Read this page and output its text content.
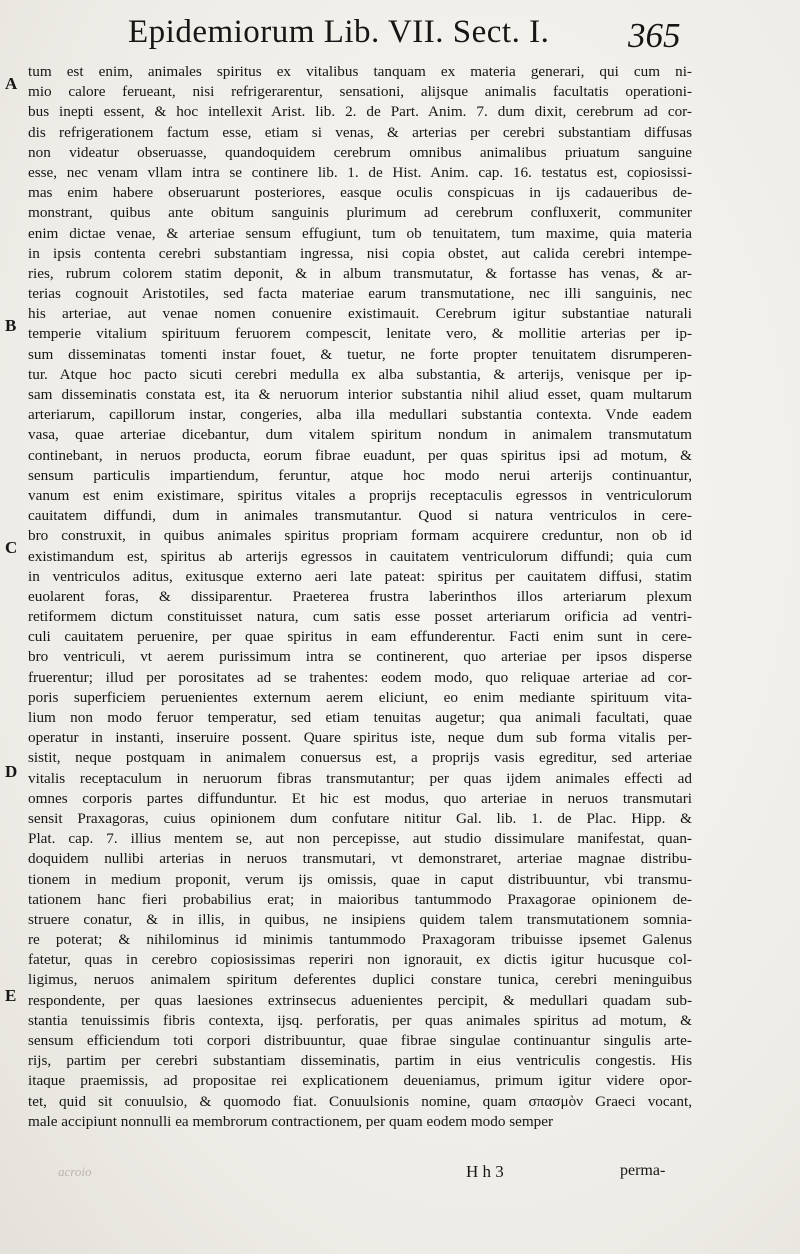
Epidemiorum Lib. VII. Sect. I. 365
A
B
C
D
E
tum est enim, animales spiritus ex vitalibus tanquam ex materia generari, qui cum ni-
mio calore ferueant, nisi refrigerarentur, sensationi, alijsque animalis facultatis operationi-
bus inepti essent, & hoc intellexit Arist. lib. 2. de Part. Anim. 7. dum dixit, cerebrum ad cor-
dis refrigerationem factum esse, etiam si venas, & arterias per cerebri substantiam diffusas
non videatur obseruasse, quandoquidem cerebrum omnibus animalibus priuatum sanguine
esse, nec venam vllam intra se continere lib. 1. de Hist. Anim. cap. 16. testatus est, copiosissi-
mas enim habere obseruarunt posteriores, easque oculis conspicuas in ijs cadaueribus de-
monstrant, quibus ante obitum sanguinis plurimum ad cerebrum confluxerit, communiter
enim dictae venae, & arteriae sensum effugiunt, tum ob tenuitatem, tum maxime, quia materia
in ipsis contenta cerebri substantiam ingressa, nisi copia obstet, aut calida cerebri intempe-
ries, rubrum colorem statim deponit, & in album transmutatur, & fortasse has venas, & ar-
terias cognouit Aristotiles, sed facta materiae earum transmutatione, nec illi sanguinis, nec
his arteriae, aut venae nomen conuenire existimauit. Cerebrum igitur substantiae naturali
temperie vitalium spirituum feruorem compescit, lenitate vero, & mollitie arterias per ip-
sum disseminatas tomenti instar fouet, & tuetur, ne forte propter tenuitatem disrumperen-
tur. Atque hoc pacto sicuti cerebri medulla ex alba substantia, & arterijs, venisque per ip-
sam disseminatis constata est, ita & neruorum interior substantia nihil aliud esset, quam multarum
arteriarum, capillorum instar, congeries, alba illa medullari substantia contexta. Vnde eadem
vasa, quae arteriae dicebantur, dum vitalem spiritum nondum in animalem transmutatum
continebant, in neruos producta, eorum fibrae euadunt, per quas spiritus ipsi ad motum, &
sensum particulis impartiendum, feruntur, atque hoc modo nerui arterijs continuantur,
vanum est enim existimare, spiritus vitales a proprijs receptaculis egressos in ventriculorum
cauitatem diffundi, dum in animales transmutantur. Quod si natura ventriculos in cere-
bro construxit, in quibus animales spiritus propriam formam acquirere creduntur, non ob id
existimandum est, spiritus ab arterijs egressos in cauitatem ventriculorum diffundi; quia cum
in ventriculos aditus, exitusque externo aeri late pateat: spiritus per cauitatem diffusi, statim
euolarent foras, & dissiparentur. Praeterea frustra laberinthos illos arteriarum plexum
retiformem dictum constituisset natura, cum satis esse posset arteriarum orificia ad ventri-
culi cauitatem peruenire, per quae spiritus in eam effunderentur. Facti enim sunt in cere-
bro ventriculi, vt aerem purissimum intra se continerent, quo arteriae per ipsos disperse
fruerentur; illud per porositates ad se trahentes: eodem modo, quo reliquae arteriae ad cor-
poris superficiem peruenientes externum aerem eliciunt, eo enim mediante spirituum vita-
lium non modo feruor temperatur, sed etiam tenuitas augetur; qua animali facultati, quae
operatur in instanti, inseruire possent. Quare spiritus iste, neque dum sub forma vitalis per-
sistit, neque postquam in animalem conuersus est, a proprijs vasis egreditur, sed arteriae
vitalis receptaculum in neruorum fibras transmutantur; per quas ijdem animales effecti ad
omnes corporis partes diffunduntur. Et hic est modus, quo arteriae in neruos transmutari
sensit Praxagoras, cuius opinionem dum confutare nititur Gal. lib. 1. de Plac. Hipp. &
Plat. cap. 7. illius mentem se, aut non percepisse, aut studio dissimulare manifestat, quan-
doquidem nullibi arterias in neruos transmutari, vt demonstraret, arteriae magnae distribu-
tionem in medium proponit, verum ijs omissis, quae in caput distribuuntur, vbi transmu-
tationem hanc fieri probabilius erat; in maioribus tantummodo Praxagorae opinionem de-
struere conatur, & in illis, in quibus, ne insipiens quidem talem transmutationem somnia-
re poterat; & nihilominus id minimis tantummodo Praxagoram tribuisse ipsemet Galenus
fatetur, quas in cerebro copiosissimas reperiri non ignorauit, ex dictis igitur hucusque col-
ligimus, neruos animalem spiritum deferentes duplici constare tunica, cerebri meninguibus
respondente, per quas laesiones extrinsecus aduenientes percipit, & medullari quadam sub-
stantia tenuissimis fibris contexta, ijsq. perforatis, per quas animales spiritus ad motum, &
sensum efficiendum toti corpori distribuuntur, quae fibrae singulae continuantur singulis arte-
rijs, partim per cerebri substantiam disseminatis, partim in eius ventriculis congestis. His
itaque praemissis, ad propositae rei explicationem deueniamus, primum igitur videre opor-
tet, quid sit conuulsio, & quomodo fiat. Conuulsionis nomine, quam σπασμὸν Graeci vocant,
male accipiunt nonnulli ea membrorum contractionem, per quam eodem modo semper
acroio	H h 3	perma-
